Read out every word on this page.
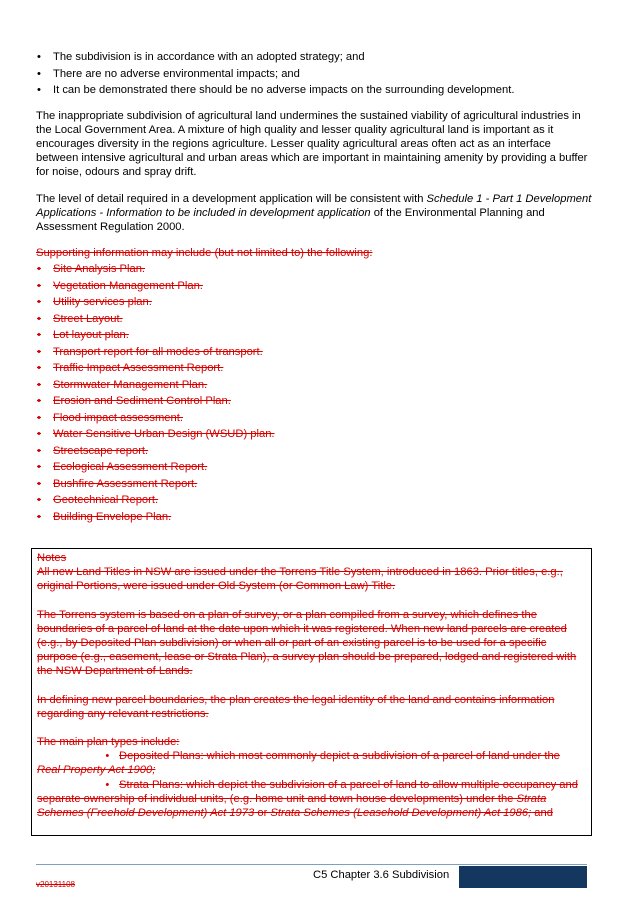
• The subdivision is in accordance with an adopted strategy; and
• There are no adverse environmental impacts; and
• It can be demonstrated there should be no adverse impacts on the surrounding development.

The inappropriate subdivision of agricultural land undermines the sustained viability of agricultural industries in the Local Government Area. A mixture of high quality and lesser quality agricultural land is important as it encourages diversity in the regions agriculture. Lesser quality agricultural areas often act as an interface between intensive agricultural and urban areas which are important in maintaining amenity by providing a buffer for noise, odours and spray drift.

The level of detail required in a development application will be consistent with Schedule 1 - Part 1 Development Applications - Information to be included in development application of the Environmental Planning and Assessment Regulation 2000.

Supporting information may include (but not limited to) the following:

• Site Analysis Plan.
• Vegetation Management Plan.
• Utility services plan.
• Street Layout.
• Lot layout plan.
• Transport report for all modes of transport.
• Traffic Impact Assessment Report.
• Stormwater Management Plan.
• Erosion and Sediment Control Plan.
• Flood impact assessment.
• Water Sensitive Urban Design (WSUD) plan.
• Streetscape report.
• Ecological Assessment Report.
• Bushfire Assessment Report.
• Geotechnical Report.
• Building Envelope Plan.

Notes

All new Land Titles in NSW are issued under the Torrens Title System, introduced in 1863. Prior titles, e.g., original Portions, were issued under Old System (or Common Law) Title.

The Torrens system is based on a plan of survey, or a plan compiled from a survey, which defines the boundaries of a parcel of land at the date upon which it was registered. When new land parcels are created (e.g., by Deposited Plan subdivision) or when all or part of an existing parcel is to be used for a specific purpose (e.g., easement, lease or Strata Plan), a survey plan should be prepared, lodged and registered with the NSW Department of Lands.

In defining new parcel boundaries, the plan creates the legal identity of the land and contains information regarding any relevant restrictions.

The main plan types include:

​                      • Deposited Plans: which most commonly depict a subdivision of a parcel of land under the Real Property Act 1900;

​                      • Strata Plans: which depict the subdivision of a parcel of land to allow multiple occupancy and separate ownership of individual units, (e.g. home unit and town house developments) under the Strata Schemes (Freehold Development) Act 1973 or Strata Schemes (Leasehold Development) Act 1986; and

v20131108
C5 Chapter 3.6 Subdivision
